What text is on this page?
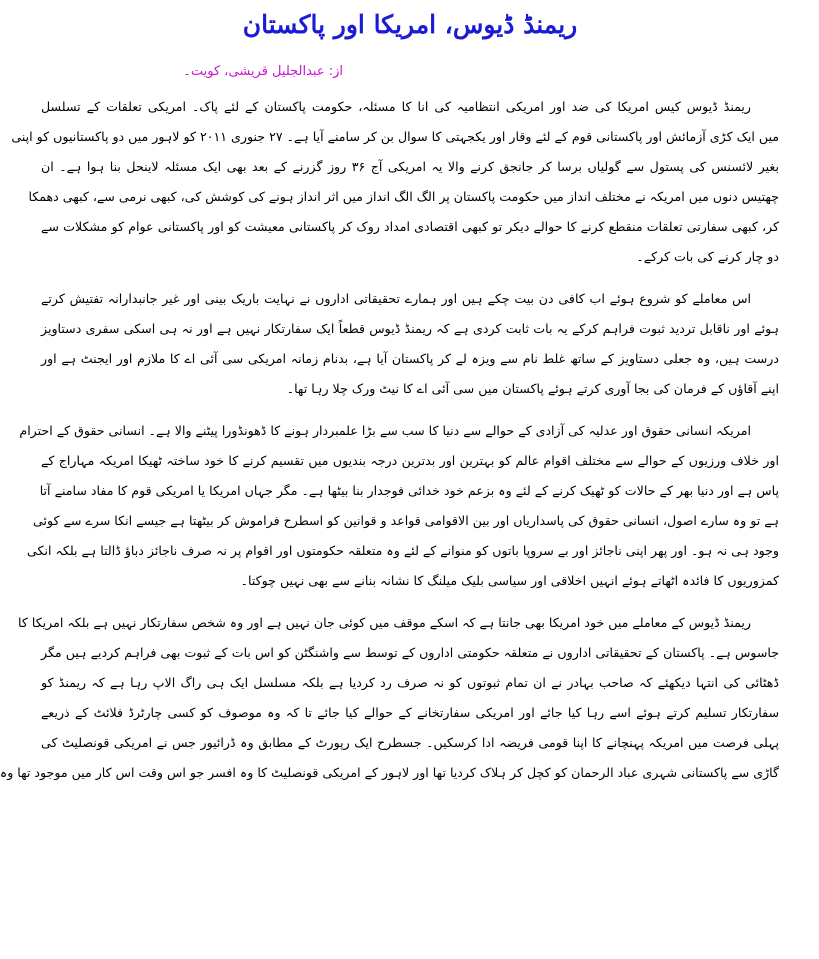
ریمنڈ ڈیوس، امریکا اور پاکستان
از: عبدالجلیل قریشی، کویت۔
ریمنڈ ڈیوس کیس امریکا کی ضد اور امریکی انتظامیہ کی انا کا مسئلہ، حکومت پاکستان کے لئے پاک۔ امریکی تعلقات کے تسلسل
میں ایک کڑی آزمائش اور پاکستانی قوم کے لئے وقار اور یکجہتی کا سوال بن کر سامنے آیا ہے۔ ۲۷ جنوری ۲۰۱۱ کو لاہور میں دو پاکستانیوں کو اپنی
بغیر لائسنس کی پستول سے گولیاں برسا کر جانجق کرنے والا یہ امریکی آج ۳۶ روز گزرنے کے بعد بھی ایک مسئلہ لاینحل بنا ہوا ہے۔ ان
چھتیس دنوں میں امریکہ نے مختلف انداز میں حکومت پاکستان پر الگ الگ انداز میں اثر انداز ہونے کی کوشش کی، کبھی نرمی سے، کبھی دھمکا
کر، کبھی سفارتی تعلقات منقطع کرنے کا حوالے دیکر تو کبھی اقتصادی امداد روک کر پاکستانی معیشت کو اور پاکستانی عوام کو مشکلات سے
دو چار کرنے کی بات کرکے۔
اس معاملے کو شروع ہوئے اب کافی دن بیت چکے ہیں اور ہمارے تحقیقاتی اداروں نے نہایت باریک بینی اور غیر جانبدارانہ تفتیش کرتے
ہوئے اور ناقابل تردید ثبوت فراہم کرکے یہ بات ثابت کردی ہے کہ ریمنڈ ڈیوس قطعاً ایک سفارتکار نہیں ہے اور نہ ہی اسکی سفری دستاویز
درست ہیں، وہ جعلی دستاویز کے ساتھ غلط نام سے ویزہ لے کر پاکستان آیا ہے، بدنام زمانہ امریکی سی آئی اے کا ملازم اور ایجنٹ ہے اور
اپنے آقاؤں کے فرمان کی بجا آوری کرتے ہوئے پاکستان میں سی آئی اے کا نیٹ ورک چلا رہا تھا۔
امریکہ انسانی حقوق اور عدلیہ کی آزادی کے حوالے سے دنیا کا سب سے بڑا علمبردار ہونے کا ڈھونڈورا پیٹنے والا ہے۔ انسانی حقوق کے احترام
اور خلاف ورزیوں کے حوالے سے مختلف اقوام عالم کو بہترین اور بدترین درجہ بندیوں میں تقسیم کرنے کا خود ساختہ ٹھیکا امریکہ مہاراج کے
پاس ہے اور دنیا بھر کے حالات کو ٹھیک کرنے کے لئے وہ بزعم خود خدائی فوجدار بنا بیٹھا ہے۔ مگر جہاں امریکا یا امریکی قوم کا مفاد سامنے آتا
ہے تو وہ سارے اصول، انسانی حقوق کی پاسداریاں اور بین الاقوامی قواعد و قوانین کو اسطرح فراموش کر بیٹھتا ہے جیسے انکا سرے سے کوئی
وجود ہی نہ ہو۔ اور پھر اپنی ناجائز اور بے سروپا باتوں کو منوانے کے لئے وہ متعلقہ حکومتوں اور اقوام پر نہ صرف ناجائز دباؤ ڈالتا ہے بلکہ انکی
کمزوریوں کا فائدہ اٹھاتے ہوئے انہیں اخلاقی اور سیاسی بلیک میلنگ کا نشانہ بنانے سے بھی نہیں چوکتا۔
ریمنڈ ڈیوس کے معاملے میں خود امریکا بھی جانتا ہے کہ اسکے موقف میں کوئی جان نہیں ہے اور وہ شخص سفارتکار نہیں ہے بلکہ امریکا کا
جاسوس ہے۔ پاکستان کے تحقیقاتی اداروں نے متعلقہ حکومتی اداروں کے توسط سے واشنگٹن کو اس بات کے ثبوت بھی فراہم کردیے ہیں مگر
ڈھٹائی کی انتہا دیکھئے کہ صاحب بہادر نے ان تمام ثبوتوں کو نہ صرف رد کردیا ہے بلکہ مسلسل ایک ہی راگ الاپ رہا ہے کہ ریمنڈ کو
سفارتکار تسلیم کرتے ہوئے اسے رہا کیا جائے اور امریکی سفارتخانے کے حوالے کیا جائے تا کہ وہ موصوف کو کسی چارٹرڈ فلائٹ کے ذریعے
پہلی فرصت میں امریکہ پہنچانے کا اپنا قومی فریضہ ادا کرسکیں۔ جسطرح ایک رپورٹ کے مطابق وہ ڈرائیور جس نے امریکی قونصلیٹ کی
گاڑی سے پاکستانی شہری عباد الرحمان کو کچل کر ہلاک کردیا تھا اور لاہور کے امریکی قونصلیٹ کا وہ افسر جو اس وقت اس کار میں موجود تھا وہ
